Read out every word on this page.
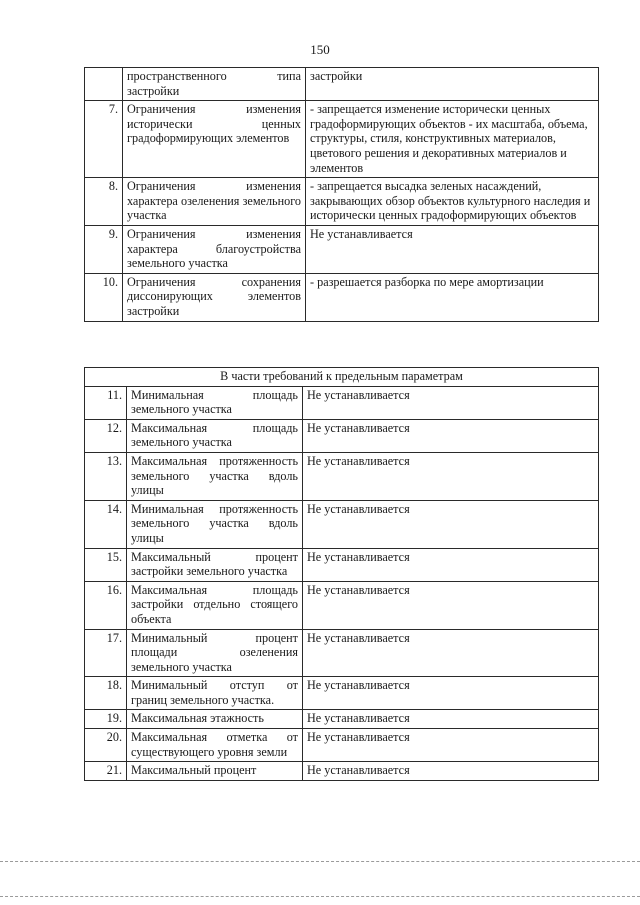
150
	пространственного типа застройки	застройки
7.	Ограничения изменения исторически ценных градоформирующих элементов	- запрещается изменение исторически ценных градоформирующих объектов - их масштаба, объема, структуры, стиля, конструктивных материалов, цветового решения и декоративных материалов и элементов
8.	Ограничения изменения характера озеленения земельного участка	- запрещается высадка зеленых насаждений, закрывающих обзор объектов культурного наследия и исторически ценных градоформирующих объектов
9.	Ограничения изменения характера благоустройства земельного участка	Не устанавливается
10.	Ограничения сохранения диссонирующих элементов застройки	- разрешается разборка по мере амортизации
В части требований к предельным параметрам		
11.	Минимальная площадь земельного участка	Не устанавливается
12.	Максимальная площадь земельного участка	Не устанавливается
13.	Максимальная протяженность земельного участка вдоль улицы	Не устанавливается
14.	Минимальная протяженность земельного участка вдоль улицы	Не устанавливается
15.	Максимальный процент застройки земельного участка	Не устанавливается
16.	Максимальная площадь застройки отдельно стоящего объекта	Не устанавливается
17.	Минимальный процент площади озеленения земельного участка	Не устанавливается
18.	Минимальный отступ от границ земельного участка.	Не устанавливается
19.	Максимальная этажность	Не устанавливается
20.	Максимальная отметка от существующего уровня земли	Не устанавливается
21.	Максимальный процент	Не устанавливается
